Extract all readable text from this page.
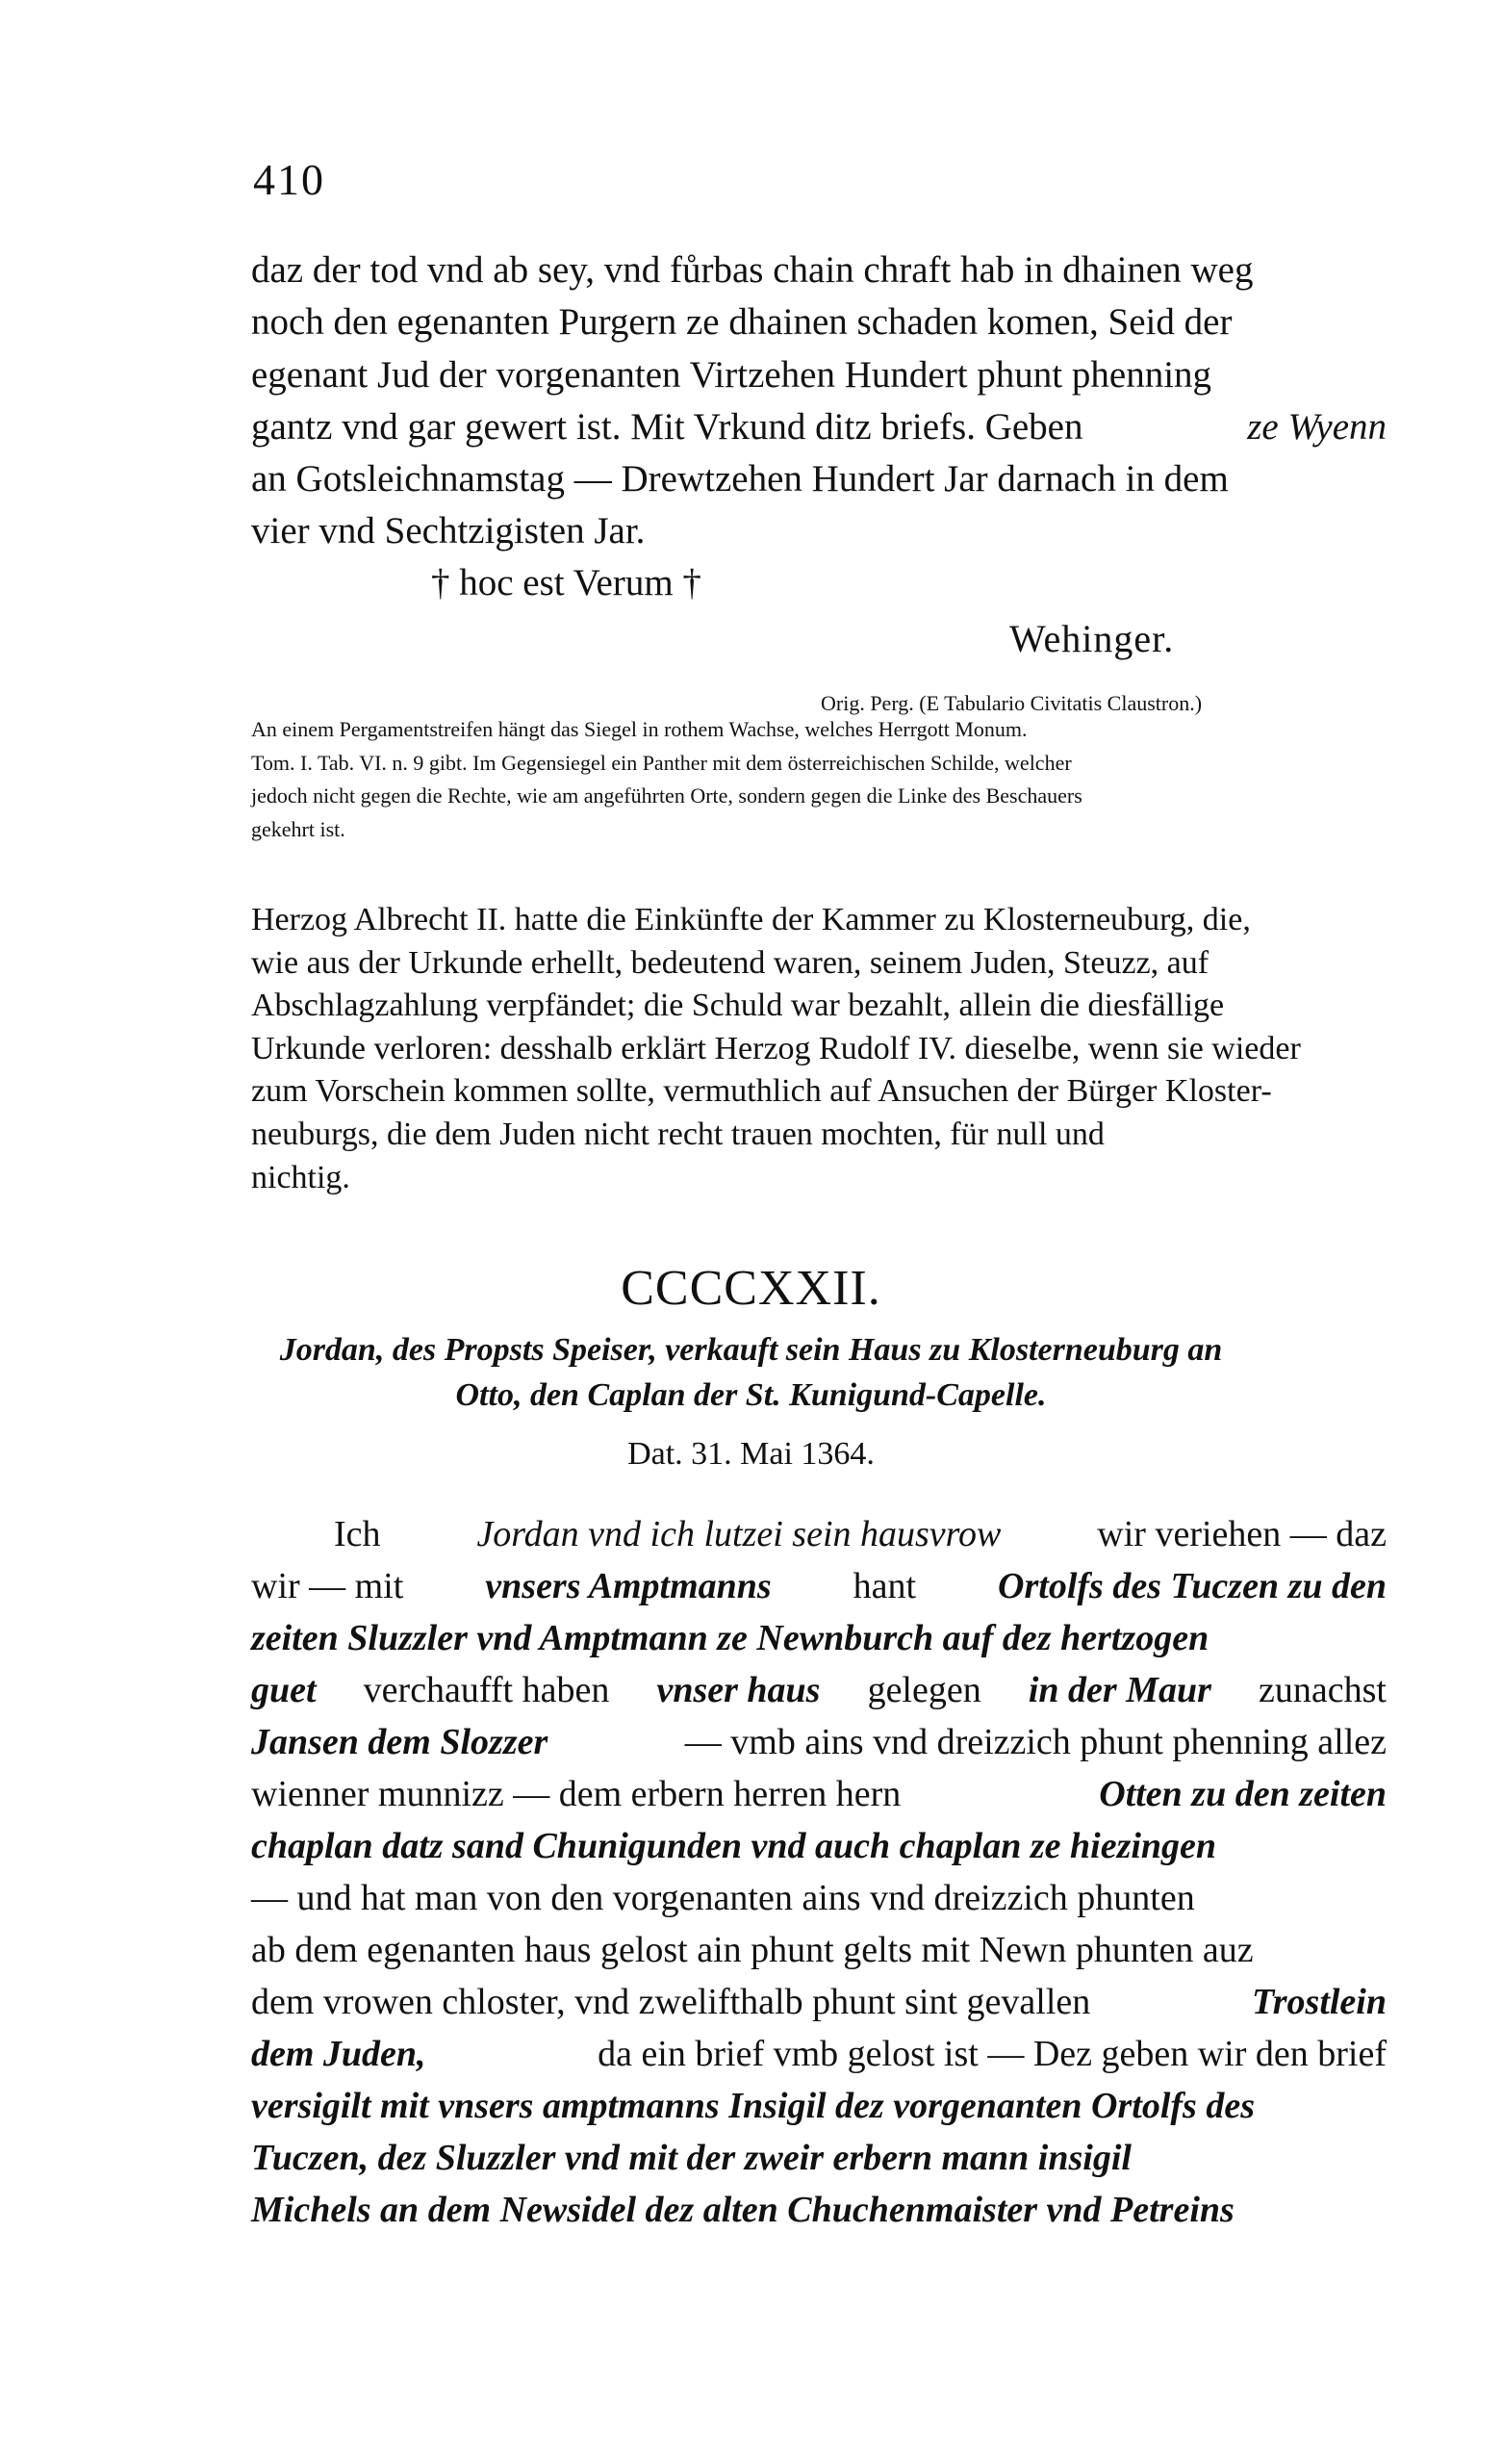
410
daz der tod vnd ab sey, vnd fůrbas chain chraft hab in dhainen weg
noch den egenanten Purgern ze dhainen schaden komen, Seid der
egenant Jud der vorgenanten Virtzehen Hundert phunt phenning
gantz vnd gar gewert ist. Mit Vrkund ditz briefs. Geben	ze Wyenn
an Gotsleichnamstag — Drewtzehen Hundert Jar darnach in dem
vier vnd Sechtzigisten Jar.
† hoc est Verum †
Wehinger.
Orig. Perg. (E Tabulario Civitatis Claustron.)
An einem Pergamentstreifen hängt das Siegel in rothem Wachse, welches Herrgott Monum.
Tom. I. Tab. VI. n. 9 gibt. Im Gegensiegel ein Panther mit dem österreichischen Schilde, welcher
jedoch nicht gegen die Rechte, wie am angeführten Orte, sondern gegen die Linke des Beschauers
gekehrt ist.
Herzog Albrecht II. hatte die Einkünfte der Kammer zu Klosterneuburg, die,
wie aus der Urkunde erhellt, bedeutend waren, seinem Juden, Steuzz, auf
Abschlagzahlung verpfändet; die Schuld war bezahlt, allein die diesfällige
Urkunde verloren: desshalb erklärt Herzog Rudolf IV. dieselbe, wenn sie wieder
zum Vorschein kommen sollte, vermuthlich auf Ansuchen der Bürger Kloster-
neuburgs, die dem Juden nicht recht trauen mochten, für null und
nichtig.
CCCCXXII.
Jordan, des Propsts Speiser, verkauft sein Haus zu Klosterneuburg an
Otto, den Caplan der St. Kunigund-Capelle.
Dat. 31. Mai 1364.
Ich	Jordan vnd ich lutzei sein hausvrow	wir veriehen — daz
wir — mit vnsers Amptmanns hant Ortolfs des Tuczen zu den
zeiten Sluzzler vnd Amptmann ze Newnburch auf dez hertzogen
guet verchaufft haben vnser haus gelegen in der Maur zunachst
Jansen dem Slozzer	— vmb ains vnd dreizzich phunt phenning allez
wienner munnizz — dem erbern herren hern	Otten zu den zeiten
chaplan datz sand Chunigunden vnd auch chaplan ze hiezingen
— und hat man von den vorgenanten ains vnd dreizzich phunten
ab dem egenanten haus gelost ain phunt gelts mit Newn phunten auz
dem vrowen chloster, vnd zwelifthalb phunt sint gevallen	Trostlein
dem Juden,	da ein brief vmb gelost ist — Dez geben wir den brief
versigilt mit vnsers amptmanns Insigil dez vorgenanten Ortolfs des
Tuczen, dez Sluzzler vnd mit der zweir erbern mann insigil
Michels an dem Newsidel dez alten Chuchenmaister vnd Petreins
